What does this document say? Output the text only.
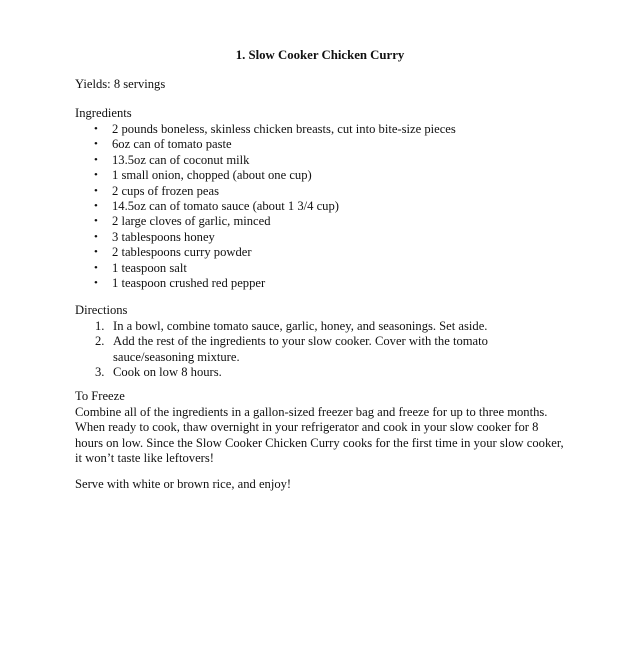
1. Slow Cooker Chicken Curry

Yields: 8 servings

Ingredients

• 2 pounds boneless, skinless chicken breasts, cut into bite-size pieces
• 6oz can of tomato paste
• 13.5oz can of coconut milk
• 1 small onion, chopped (about one cup)
• 2 cups of frozen peas
• 14.5oz can of tomato sauce (about 1 3/4 cup)
• 2 large cloves of garlic, minced
• 3 tablespoons honey
• 2 tablespoons curry powder
• 1 teaspoon salt
• 1 teaspoon crushed red pepper

Directions

1. In a bowl, combine tomato sauce, garlic, honey, and seasonings. Set aside.
2. Add the rest of the ingredients to your slow cooker. Cover with the tomato sauce/seasoning mixture.
3. Cook on low 8 hours.

To Freeze

Combine all of the ingredients in a gallon-sized freezer bag and freeze for up to three months. When ready to cook, thaw overnight in your refrigerator and cook in your slow cooker for 8 hours on low. Since the Slow Cooker Chicken Curry cooks for the first time in your slow cooker, it won’t taste like leftovers!

Serve with white or brown rice, and enjoy!
